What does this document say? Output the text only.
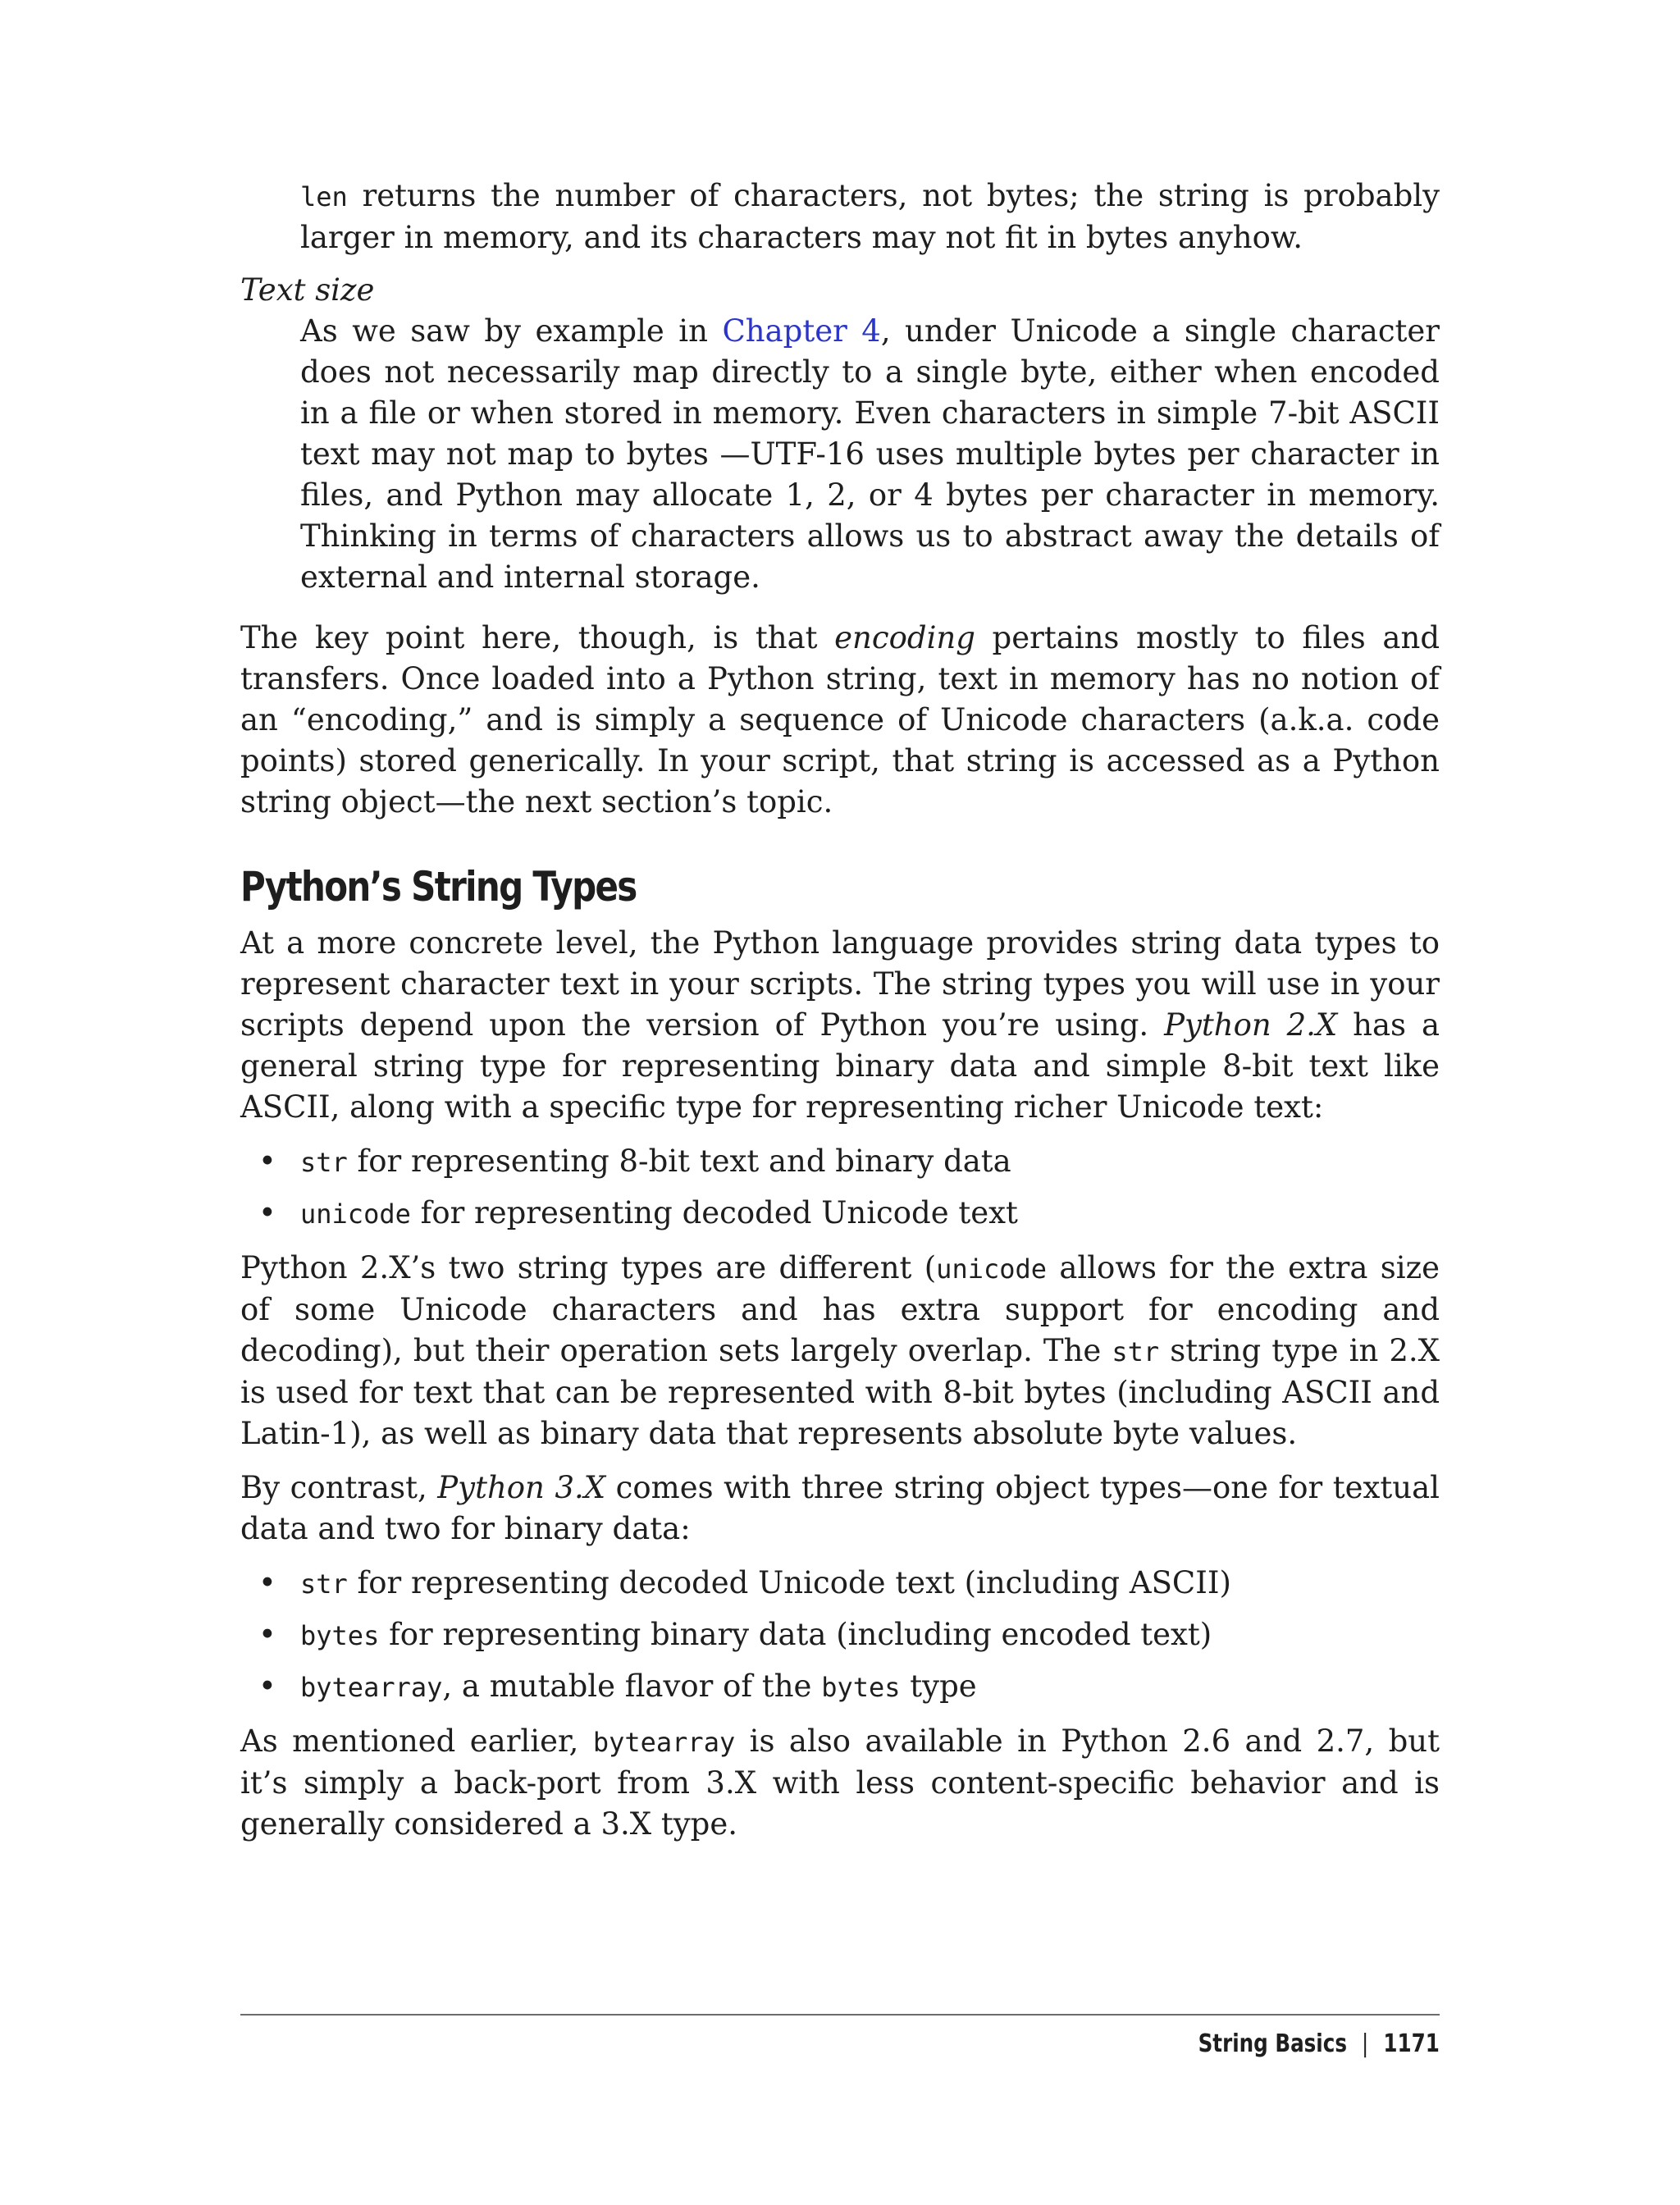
len returns the number of characters, not bytes; the string is probably larger in memory, and its characters may not fit in bytes anyhow.

Text size

As we saw by example in Chapter 4, under Unicode a single character does not necessarily map directly to a single byte, either when encoded in a file or when stored in memory. Even characters in simple 7-bit ASCII text may not map to bytes —UTF-16 uses multiple bytes per character in files, and Python may allocate 1, 2, or 4 bytes per character in memory. Thinking in terms of characters allows us to abstract away the details of external and internal storage.

The key point here, though, is that encoding pertains mostly to files and transfers. Once loaded into a Python string, text in memory has no notion of an “encoding,” and is simply a sequence of Unicode characters (a.k.a. code points) stored generically. In your script, that string is accessed as a Python string object—the next section’s topic.

Python’s String Types

At a more concrete level, the Python language provides string data types to represent character text in your scripts. The string types you will use in your scripts depend upon the version of Python you’re using. Python 2.X has a general string type for representing binary data and simple 8-bit text like ASCII, along with a specific type for representing richer Unicode text:

• str for representing 8-bit text and binary data
• unicode for representing decoded Unicode text

Python 2.X’s two string types are different (unicode allows for the extra size of some Unicode characters and has extra support for encoding and decoding), but their operation sets largely overlap. The str string type in 2.X is used for text that can be represented with 8-bit bytes (including ASCII and Latin-1), as well as binary data that represents absolute byte values.

By contrast, Python 3.X comes with three string object types—one for textual data and two for binary data:

• str for representing decoded Unicode text (including ASCII)
• bytes for representing binary data (including encoded text)
• bytearray, a mutable flavor of the bytes type

As mentioned earlier, bytearray is also available in Python 2.6 and 2.7, but it’s simply a back-port from 3.X with less content-specific behavior and is generally considered a 3.X type.

String Basics | 1171
